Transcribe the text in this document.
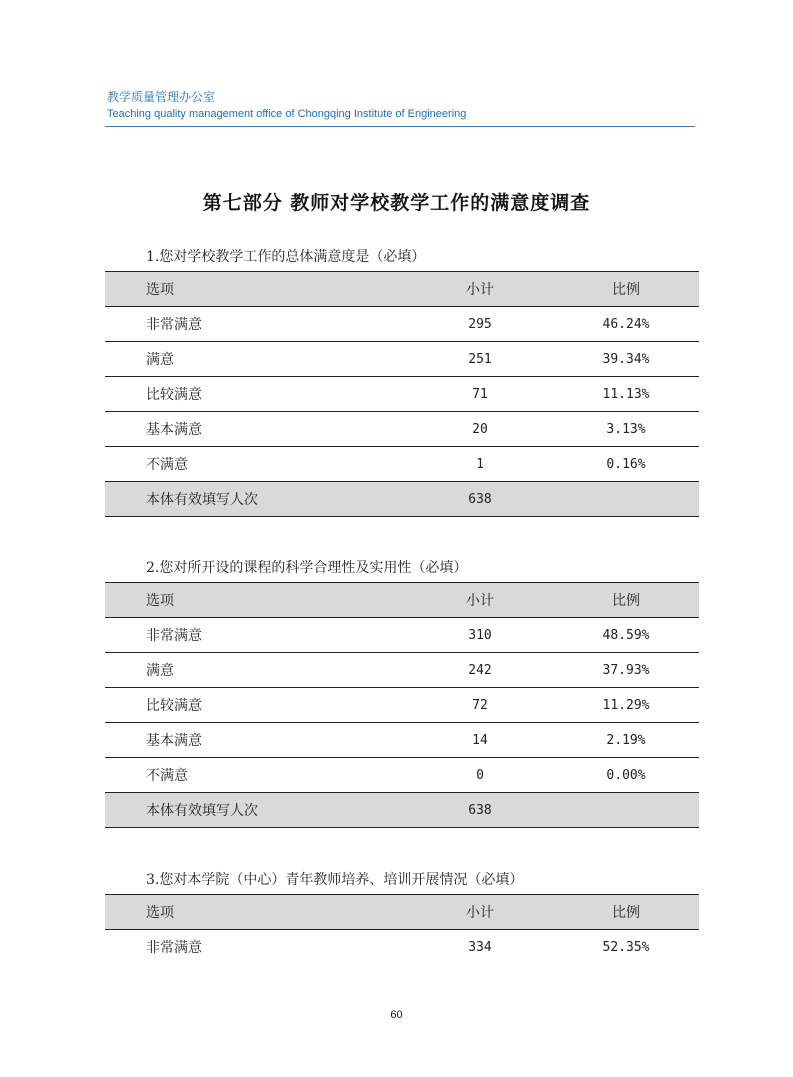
教学质量管理办公室
Teaching quality management office of Chongqing Institute of Engineering
第七部分 教师对学校教学工作的满意度调查
1.您对学校教学工作的总体满意度是（必填）
选项	小计	比例
非常满意	295	46.24%
满意	251	39.34%
比较满意	71	11.13%
基本满意	20	3.13%
不满意	1	0.16%
本体有效填写人次	638	
2.您对所开设的课程的科学合理性及实用性（必填）
选项	小计	比例
非常满意	310	48.59%
满意	242	37.93%
比较满意	72	11.29%
基本满意	14	2.19%
不满意	0	0.00%
本体有效填写人次	638	
3.您对本学院（中心）青年教师培养、培训开展情况（必填）
选项	小计	比例
非常满意	334	52.35%
60
